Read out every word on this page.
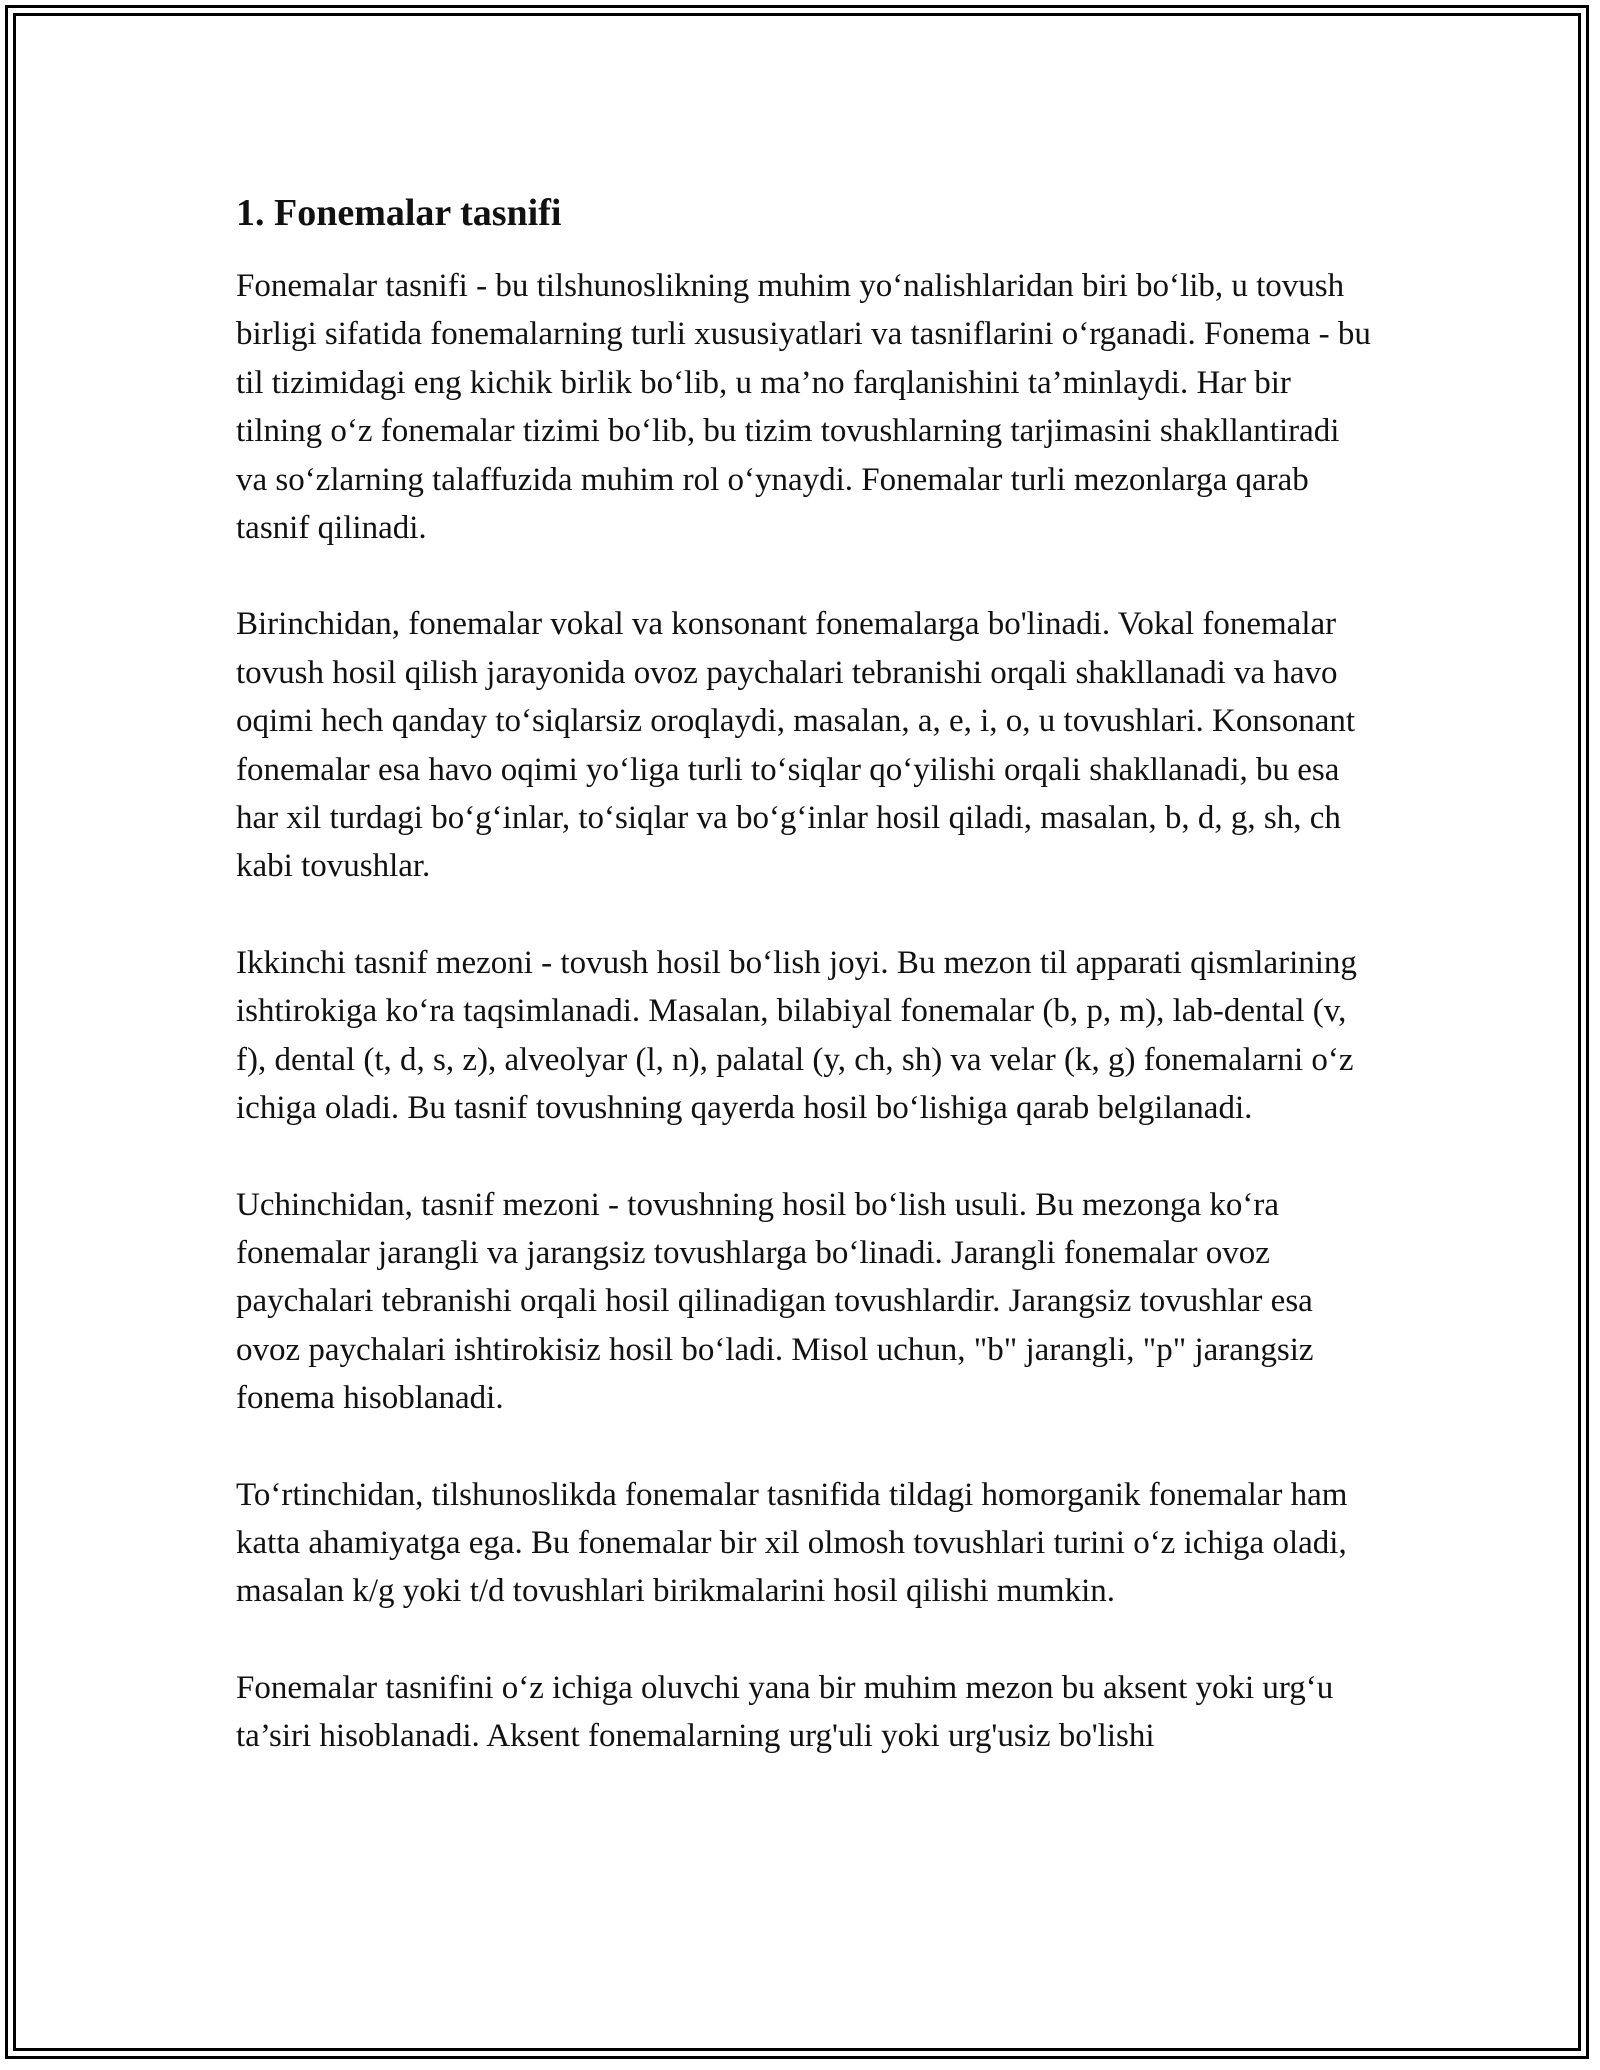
1. Fonemalar tasnifi

Fonemalar tasnifi - bu tilshunoslikning muhim yo‘nalishlaridan biri bo‘lib, u tovush birligi sifatida fonemalarning turli xususiyatlari va tasniflarini o‘rganadi. Fonema - bu til tizimidagi eng kichik birlik bo‘lib, u ma’no farqlanishini ta’minlaydi. Har bir tilning o‘z fonemalar tizimi bo‘lib, bu tizim tovushlarning tarjimasini shakllantiradi va so‘zlarning talaffuzida muhim rol o‘ynaydi. Fonemalar turli mezonlarga qarab tasnif qilinadi.

Birinchidan, fonemalar vokal va konsonant fonemalarga bo'linadi. Vokal fonemalar tovush hosil qilish jarayonida ovoz paychalari tebranishi orqali shakllanadi va havo oqimi hech qanday to‘siqlarsiz oroqlaydi, masalan, a, e, i, o, u tovushlari. Konsonant fonemalar esa havo oqimi yo‘liga turli to‘siqlar qo‘yilishi orqali shakllanadi, bu esa har xil turdagi bo‘g‘inlar, to‘siqlar va bo‘g‘inlar hosil qiladi, masalan, b, d, g, sh, ch kabi tovushlar.

Ikkinchi tasnif mezoni - tovush hosil bo‘lish joyi. Bu mezon til apparati qismlarining ishtirokiga ko‘ra taqsimlanadi. Masalan, bilabiyal fonemalar (b, p, m), lab-dental (v, f), dental (t, d, s, z), alveolyar (l, n), palatal (y, ch, sh) va velar (k, g) fonemalarni o‘z ichiga oladi. Bu tasnif tovushning qayerda hosil bo‘lishiga qarab belgilanadi.

Uchinchidan, tasnif mezoni - tovushning hosil bo‘lish usuli. Bu mezonga ko‘ra fonemalar jarangli va jarangsiz tovushlarga bo‘linadi. Jarangli fonemalar ovoz paychalari tebranishi orqali hosil qilinadigan tovushlardir. Jarangsiz tovushlar esa ovoz paychalari ishtirokisiz hosil bo‘ladi. Misol uchun, "b" jarangli, "p" jarangsiz fonema hisoblanadi.

To‘rtinchidan, tilshunoslikda fonemalar tasnifida tildagi homorganik fonemalar ham katta ahamiyatga ega. Bu fonemalar bir xil olmosh tovushlari turini o‘z ichiga oladi, masalan k/g yoki t/d tovushlari birikmalarini hosil qilishi mumkin.

Fonemalar tasnifini o‘z ichiga oluvchi yana bir muhim mezon bu aksent yoki urg‘u ta’siri hisoblanadi. Aksent fonemalarning urg'uli yoki urg'usiz bo'lishi
